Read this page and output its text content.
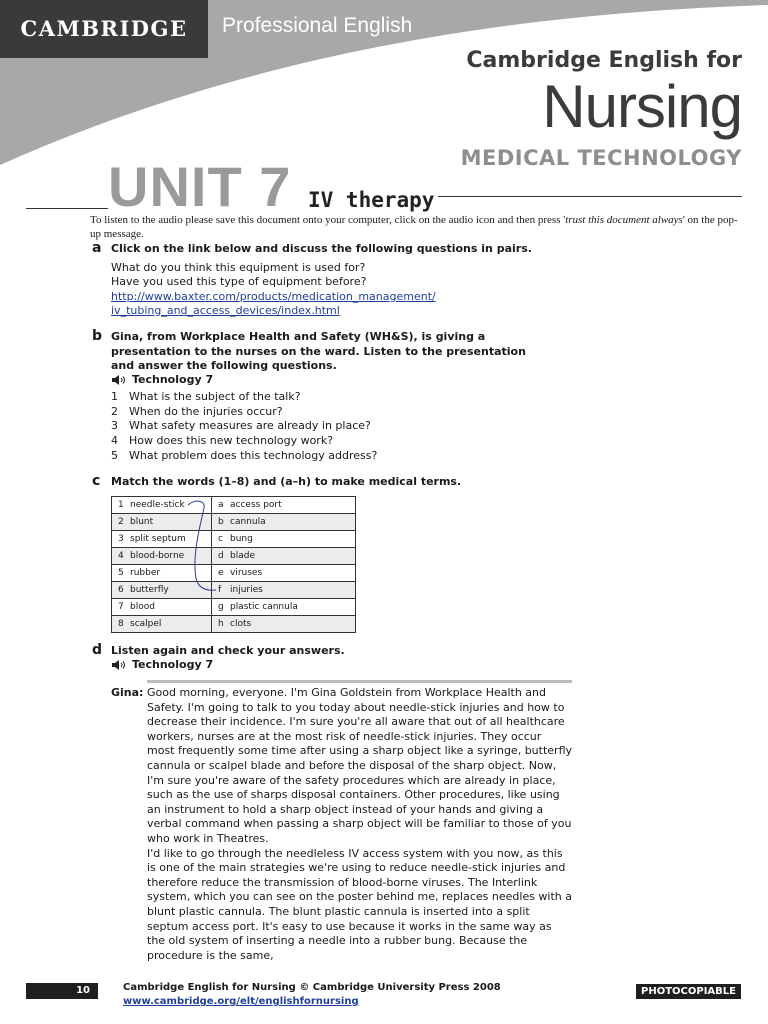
CAMBRIDGE	Professional English
Cambridge English for
Nursing
MEDICAL TECHNOLOGY
UNIT 7 IV therapy
To listen to the audio please save this document onto your computer, click on the audio icon and then press 'trust this document always' on the pop-up message.
a Click on the link below and discuss the following questions in pairs.
What do you think this equipment is used for?
Have you used this type of equipment before?
http://www.baxter.com/products/medication_management/
iv_tubing_and_access_devices/index.html
b Gina, from Workplace Health and Safety (WH&S), is giving a presentation to the nurses on the ward. Listen to the presentation and answer the following questions.
Technology 7
1 What is the subject of the talk?
2 When do the injuries occur?
3 What safety measures are already in place?
4 How does this new technology work?
5 What problem does this technology address?
c Match the words (1–8) and (a–h) to make medical terms.
1 needle-stick	a access port
2 blunt	b cannula
3 split septum	c bung
4 blood-borne	d blade
5 rubber	e viruses
6 butterfly	f injuries
7 blood	g plastic cannula
8 scalpel	h clots
d Listen again and check your answers.
Technology 7
Gina: Good morning, everyone. I'm Gina Goldstein from Workplace Health and Safety. I'm going to talk to you today about needle-stick injuries and how to decrease their incidence. I'm sure you're all aware that out of all healthcare workers, nurses are at the most risk of needle-stick injuries. They occur most frequently some time after using a sharp object like a syringe, butterfly cannula or scalpel blade and before the disposal of the sharp object. Now, I'm sure you're aware of the safety procedures which are already in place, such as the use of sharps disposal containers. Other procedures, like using an instrument to hold a sharp object instead of your hands and giving a verbal command when passing a sharp object will be familiar to those of you who work in Theatres.

I'd like to go through the needleless IV access system with you now, as this is one of the main strategies we're using to reduce needle-stick injuries and therefore reduce the transmission of blood-borne viruses. The Interlink system, which you can see on the poster behind me, replaces needles with a blunt plastic cannula. The blunt plastic cannula is inserted into a split septum access port. It's easy to use because it works in the same way as the old system of inserting a needle into a rubber bung. Because the procedure is the same,

10	Cambridge English for Nursing © Cambridge University Press 2008
www.cambridge.org/elt/englishfornursing
PHOTOCOPIABLE
